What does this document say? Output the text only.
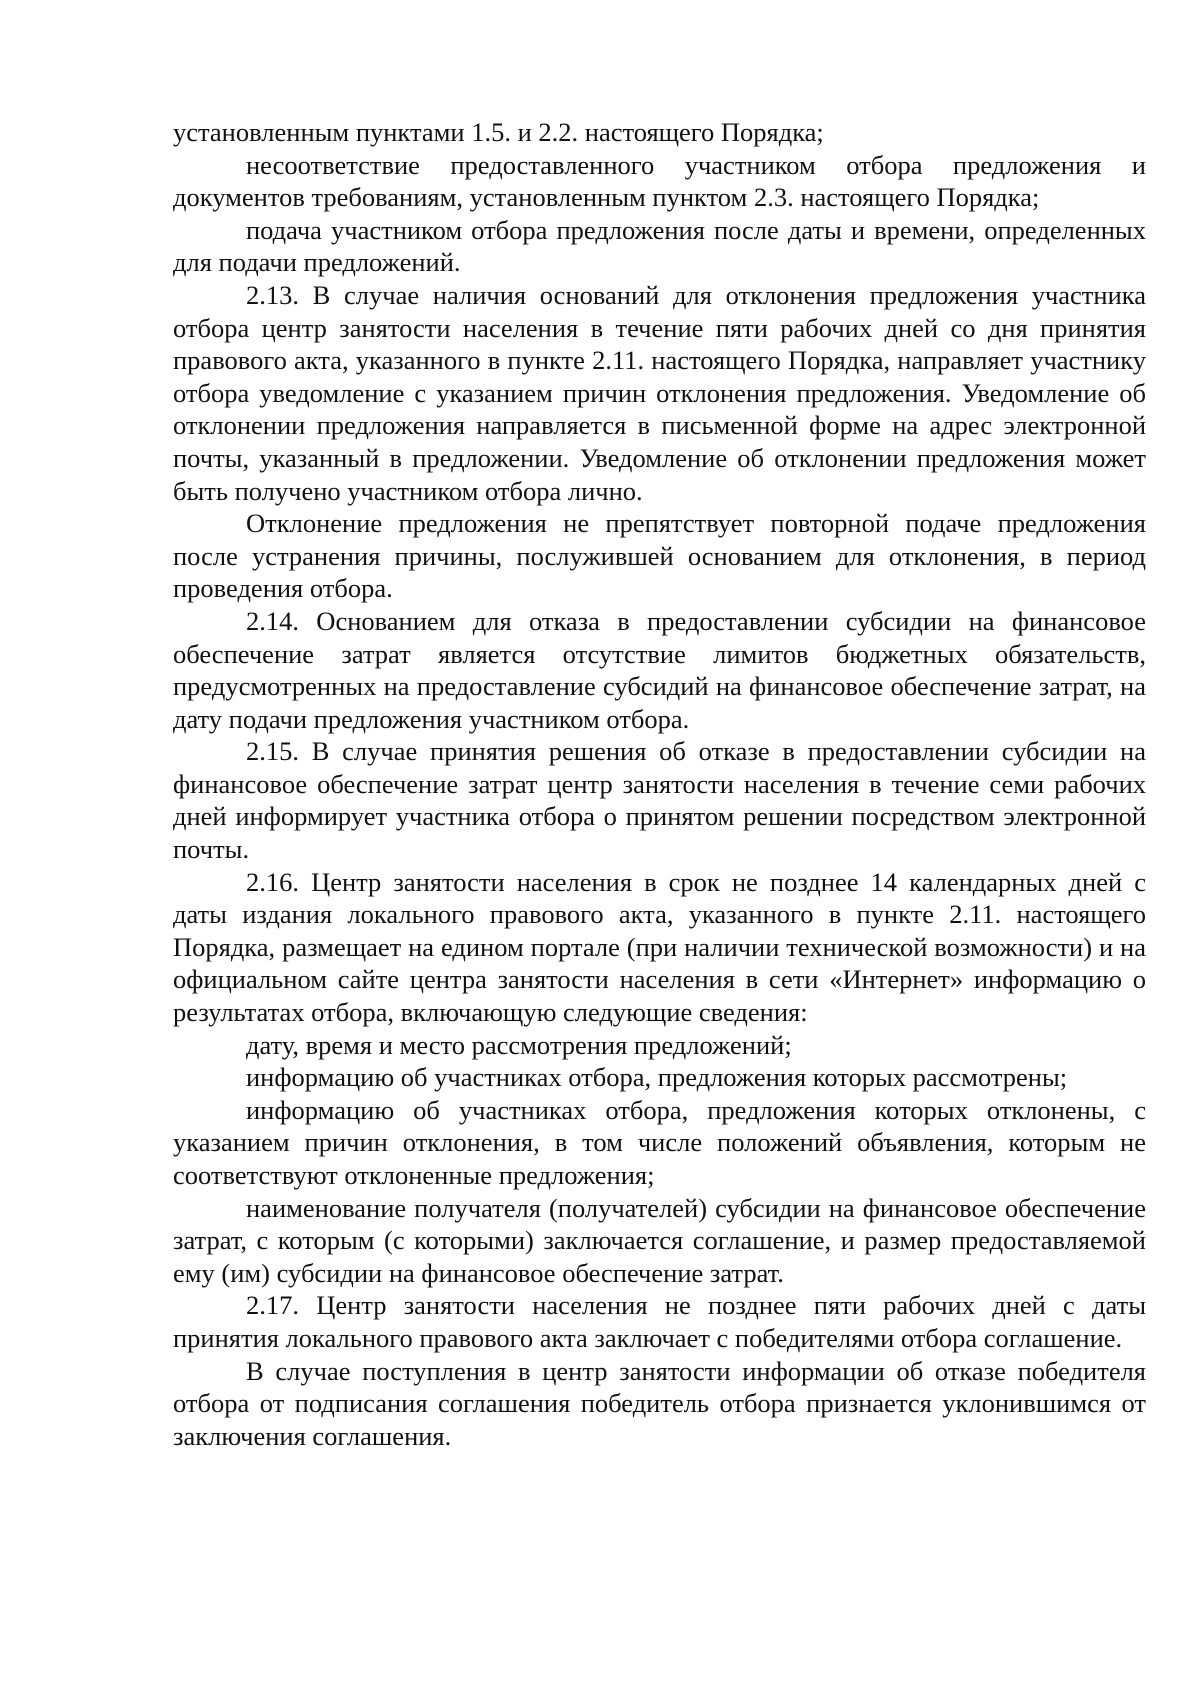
установленным пунктами 1.5. и 2.2. настоящего Порядка;

несоответствие предоставленного участником отбора предложения и документов требованиям, установленным пунктом 2.3. настоящего Порядка;

подача участником отбора предложения после даты и времени, определенных для подачи предложений.

2.13. В случае наличия оснований для отклонения предложения участника отбора центр занятости населения в течение пяти рабочих дней со дня принятия правового акта, указанного в пункте 2.11. настоящего Порядка, направляет участнику отбора уведомление с указанием причин отклонения предложения. Уведомление об отклонении предложения направляется в письменной форме на адрес электронной почты, указанный в предложении. Уведомление об отклонении предложения может быть получено участником отбора лично.

Отклонение предложения не препятствует повторной подаче предложения после устранения причины, послужившей основанием для отклонения, в период проведения отбора.

2.14. Основанием для отказа в предоставлении субсидии на финансовое обеспечение затрат является отсутствие лимитов бюджетных обязательств, предусмотренных на предоставление субсидий на финансовое обеспечение затрат, на дату подачи предложения участником отбора.

2.15. В случае принятия решения об отказе в предоставлении субсидии на финансовое обеспечение затрат центр занятости населения в течение семи рабочих дней информирует участника отбора о принятом решении посредством электронной почты.

2.16. Центр занятости населения в срок не позднее 14 календарных дней с даты издания локального правового акта, указанного в пункте 2.11. настоящего Порядка, размещает на едином портале (при наличии технической возможности) и на официальном сайте центра занятости населения в сети «Интернет» информацию о результатах отбора, включающую следующие сведения:

дату, время и место рассмотрения предложений;

информацию об участниках отбора, предложения которых рассмотрены;

информацию об участниках отбора, предложения которых отклонены, с указанием причин отклонения, в том числе положений объявления, которым не соответствуют отклоненные предложения;

наименование получателя (получателей) субсидии на финансовое обеспечение затрат, с которым (с которыми) заключается соглашение, и размер предоставляемой ему (им) субсидии на финансовое обеспечение затрат.

2.17. Центр занятости населения не позднее пяти рабочих дней с даты принятия локального правового акта заключает с победителями отбора соглашение.

В случае поступления в центр занятости информации об отказе победителя отбора от подписания соглашения победитель отбора признается уклонившимся от заключения соглашения.
